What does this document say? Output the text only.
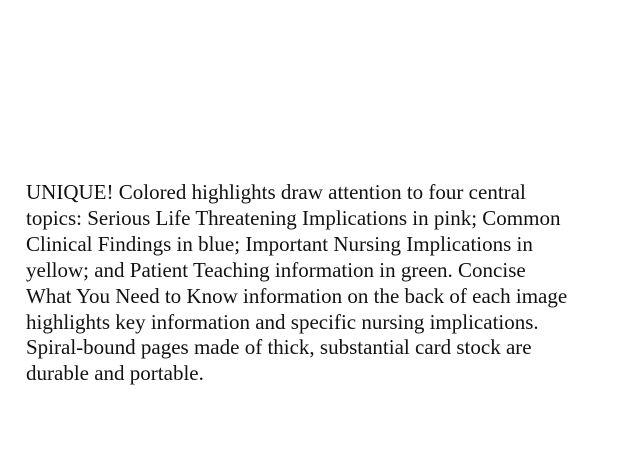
UNIQUE! Colored highlights draw attention to four central
topics: Serious Life Threatening Implications in pink; Common
Clinical Findings in blue; Important Nursing Implications in
yellow; and Patient Teaching information in green. Concise
What You Need to Know information on the back of each image
highlights key information and specific nursing implications.
Spiral-bound pages made of thick, substantial card stock are
durable and portable.
